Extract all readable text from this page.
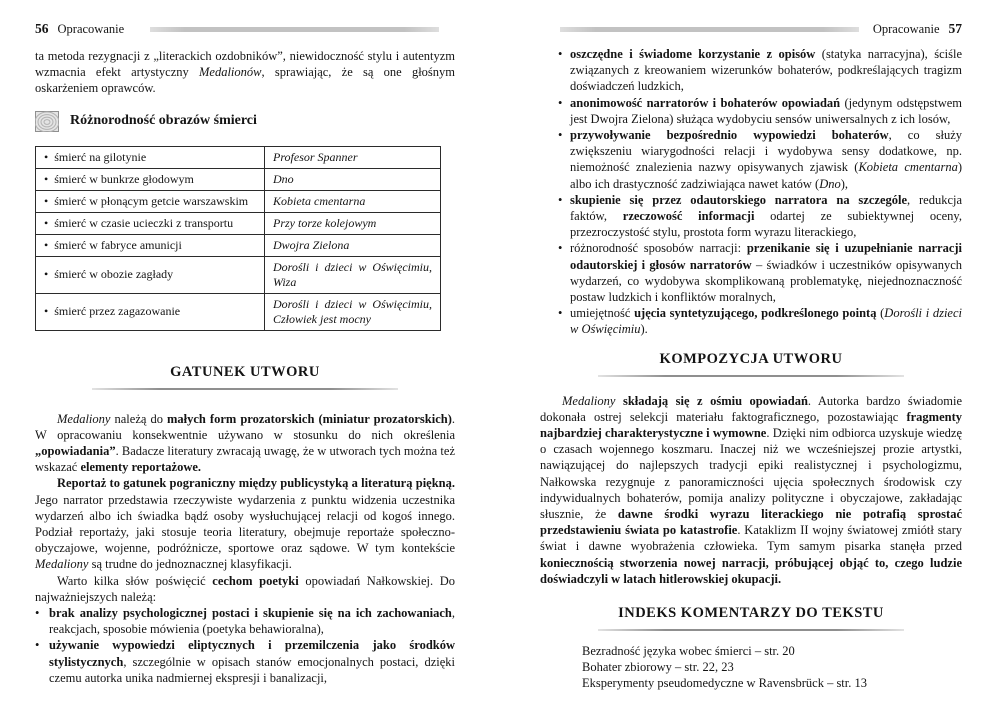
56 Opracowanie

ta metoda rezygnacji z „literackich ozdobników”, niewidoczność stylu i autentyzm wzmacnia efekt artystyczny Medalionów, sprawiając, że są one głośnym oskarżeniem oprawców.

Różnorodność obrazów śmierci
• śmierć na gilotynie	Profesor Spanner
• śmierć w bunkrze głodowym	Dno
• śmierć w płonącym getcie warszawskim	Kobieta cmentarna
• śmierć w czasie ucieczki z transportu	Przy torze kolejowym
• śmierć w fabryce amunicji	Dwojra Zielona
• śmierć w obozie zagłady	Dorośli i dzieci w Oświęcimiu, Wiza
• śmierć przez zagazowanie	Dorośli i dzieci w Oświęcimiu, Człowiek jest mocny
GATUNEK UTWORU

Medaliony należą do małych form prozatorskich (miniatur prozatorskich). W opracowaniu konsekwentnie używano w stosunku do nich określenia „opowiadania”. Badacze literatury zwracają uwagę, że w utworach tych można też wskazać elementy reportażowe.

Reportaż to gatunek pograniczny między publicystyką a literaturą piękną. Jego narrator przedstawia rzeczywiste wydarzenia z punktu widzenia uczestnika wydarzeń albo ich świadka bądź osoby wysłuchującej relacji od kogoś innego. Podział reportaży, jaki stosuje teoria literatury, obejmuje reportaże społeczno-obyczajowe, wojenne, podróżnicze, sportowe oraz sądowe. W tym kontekście Medaliony są trudne do jednoznacznej klasyfikacji.

Warto kilka słów poświęcić cechom poetyki opowiadań Nałkowskiej. Do najważniejszych należą:

• brak analizy psychologicznej postaci i skupienie się na ich zachowaniach, reakcjach, sposobie mówienia (poetyka behawioralna),
• używanie wypowiedzi eliptycznych i przemilczenia jako środków stylistycznych, szczególnie w opisach stanów emocjonalnych postaci, dzięki czemu autorka unika nadmiernej ekspresji i banalizacji,
Opracowanie 57
• oszczędne i świadome korzystanie z opisów (statyka narracyjna), ściśle związanych z kreowaniem wizerunków bohaterów, podkreślających tragizm doświadczeń ludzkich,
• anonimowość narratorów i bohaterów opowiadań (jedynym odstępstwem jest Dwojra Zielona) służąca wydobyciu sensów uniwersalnych z ich losów,
• przywoływanie bezpośrednio wypowiedzi bohaterów, co służy zwiększeniu wiarygodności relacji i wydobywa sensy dodatkowe, np. niemożność znalezienia nazwy opisywanych zjawisk (Kobieta cmentarna) albo ich drastyczność zadziwiająca nawet katów (Dno),
• skupienie się przez odautorskiego narratora na szczególe, redukcja faktów, rzeczowość informacji odartej ze subiektywnej oceny, przezroczystość stylu, prostota form wyrazu literackiego,
• różnorodność sposobów narracji: przenikanie się i uzupełnianie narracji odautorskiej i głosów narratorów – świadków i uczestników opisywanych wydarzeń, co wydobywa skomplikowaną problematykę, niejednoznaczność postaw ludzkich i konfliktów moralnych,
• umiejętność ujęcia syntetyzującego, podkreślonego pointą (Dorośli i dzieci w Oświęcimiu).
KOMPOZYCJA UTWORU

Medaliony składają się z ośmiu opowiadań. Autorka bardzo świadomie dokonała ostrej selekcji materiału faktograficznego, pozostawiając fragmenty najbardziej charakterystyczne i wymowne. Dzięki nim odbiorca uzyskuje wiedzę o czasach wojennego koszmaru. Inaczej niż we wcześniejszej prozie artystki, nawiązującej do najlepszych tradycji epiki realistycznej i psychologizmu, Nałkowska rezygnuje z panoramiczności ujęcia społecznych środowisk czy indywidualnych bohaterów, pomija analizy polityczne i obyczajowe, zakładając słusznie, że dawne środki wyrazu literackiego nie potrafią sprostać przedstawieniu świata po katastrofie. Kataklizm II wojny światowej zmiótł stary świat i dawne wyobrażenia człowieka. Tym samym pisarka stanęła przed koniecznością stworzenia nowej narracji, próbującej objąć to, czego ludzie doświadczyli w latach hitlerowskiej okupacji.

INDEKS KOMENTARZY DO TEKSTU
Bezradność języka wobec śmierci – str. 20
Bohater zbiorowy – str. 22, 23
Eksperymenty pseudomedyczne w Ravensbrück – str. 13
